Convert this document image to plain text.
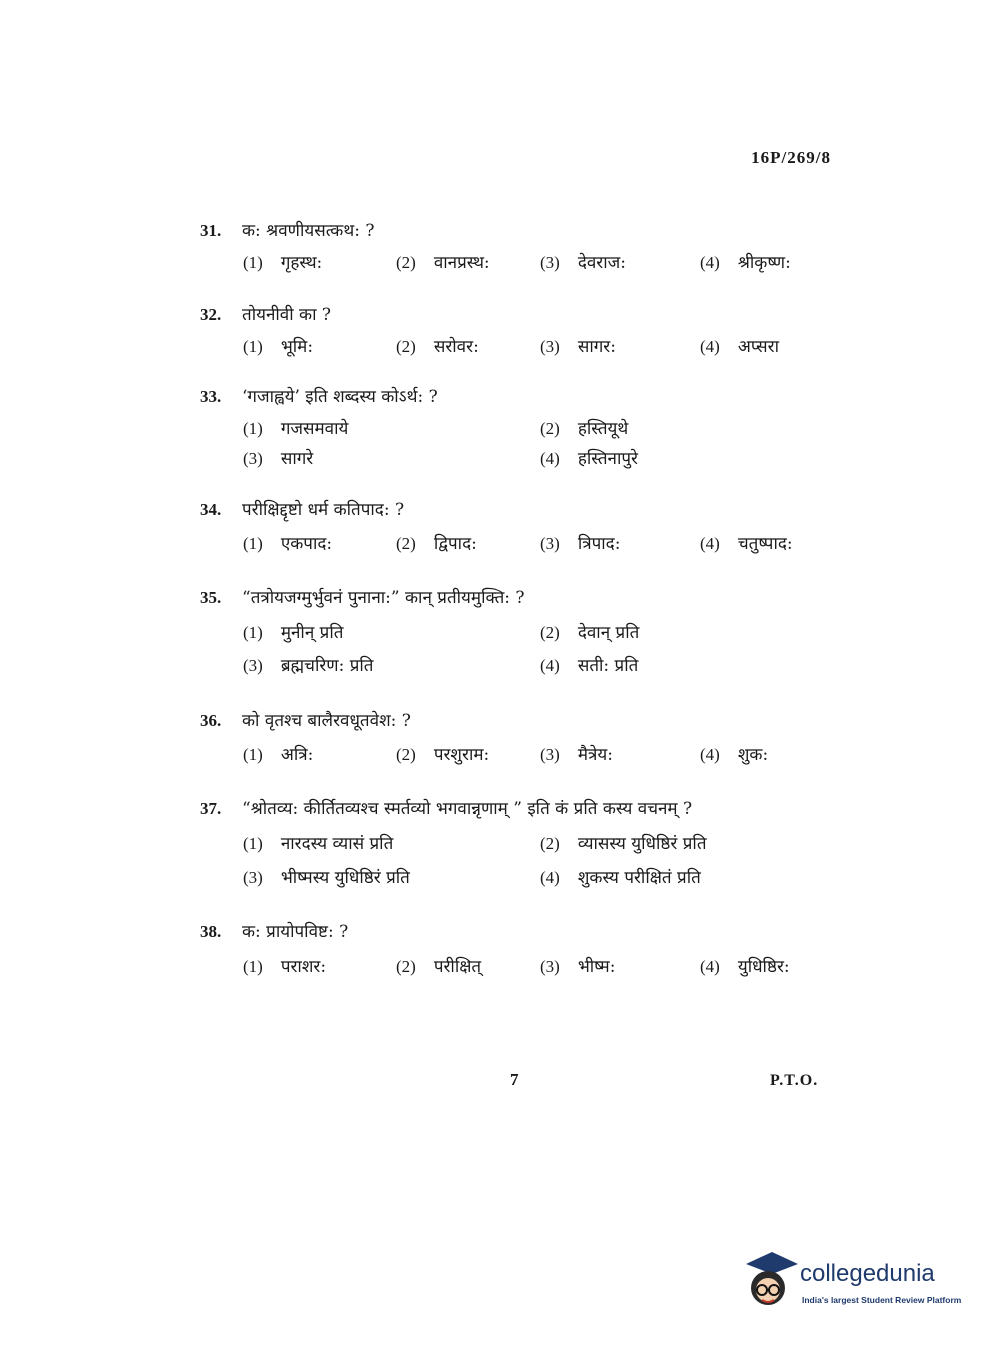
16P/269/8
31.	क: श्रवणीयसत्कथ: ?
(1) गृहस्थ:	(2) वानप्रस्थ:	(3) देवराज:	(4) श्रीकृष्ण:
32.	तोयनीवी का ?
(1) भूमि:	(2) सरोवर:	(3) सागर:	(4) अप्सरा
33.	‘गजाह्वये’ इति शब्दस्य कोऽर्थ: ?
(1) गजसमवाये	(2) हस्तियूथे
(3) सागरे	(4) हस्तिनापुरे
34.	परीक्षिद्दृष्टो धर्म कतिपाद: ?
(1) एकपाद:	(2) द्विपाद:	(3) त्रिपाद:	(4) चतुष्पाद:
35.	“तत्रोयजग्मुर्भुवनं पुनाना:” कान् प्रतीयमुक्ति: ?
(1) मुनीन् प्रति	(2) देवान् प्रति
(3) ब्रह्मचरिण: प्रति	(4) सती: प्रति
36.	को वृतश्च बालैरवधूतवेश: ?
(1) अत्रि:	(2) परशुराम:	(3) मैत्रेय:	(4) शुक:
37.	“श्रोतव्य: कीर्तितव्यश्च स्मर्तव्यो भगवान्नृणाम् ” इति कं प्रति कस्य वचनम् ?
(1) नारदस्य व्यासं प्रति	(2) व्यासस्य युधिष्ठिरं प्रति
(3) भीष्मस्य युधिष्ठिरं प्रति	(4) शुकस्य परीक्षितं प्रति
38.	क: प्रायोपविष्ट: ?
(1) पराशर:	(2) परीक्षित्	(3) भीष्म:	(4) युधिष्ठिर:
7	P.T.O.
collegedunia
India's largest Student Review Platform
